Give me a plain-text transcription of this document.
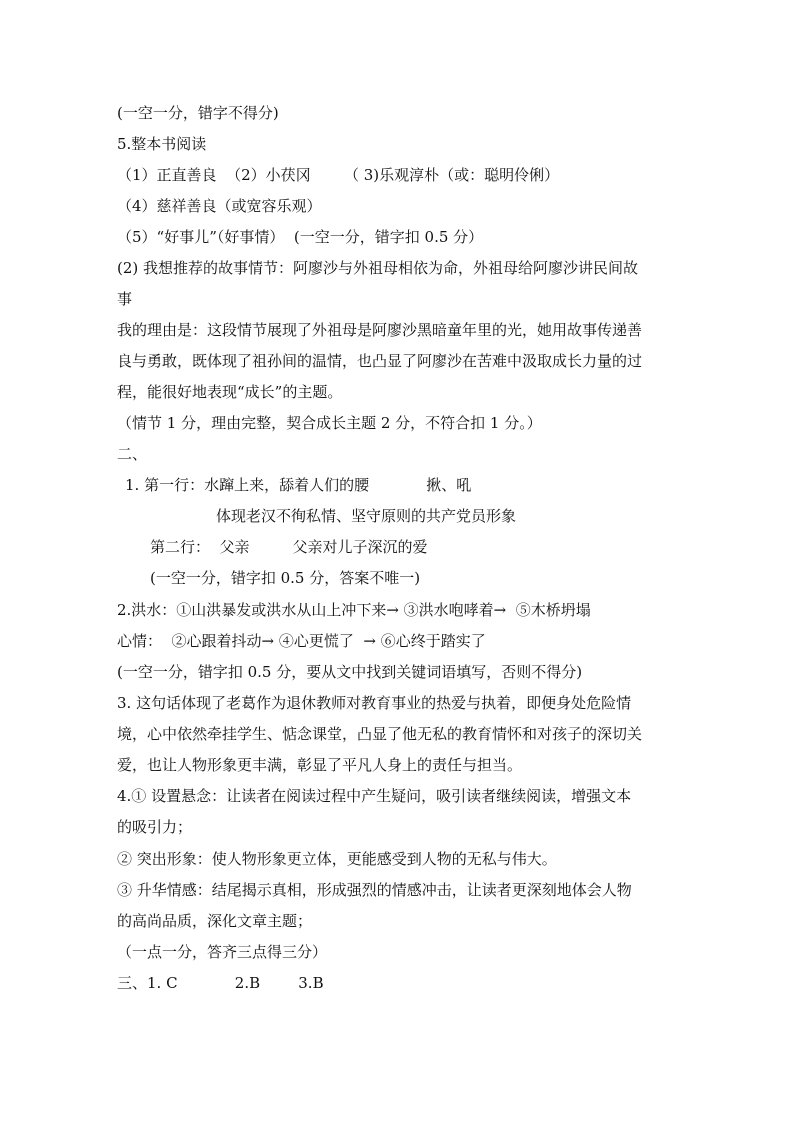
(一空一分，错字不得分)
5.整本书阅读
（1）正直善良  （2）小茯冈       （ 3)乐观淳朴（或：聪明伶俐）
（4）慈祥善良（或宽容乐观）
（5）“好事儿”（好事情）  (一空一分，错字扣 0.5 分）
(2) 我想推荐的故事情节：阿廖沙与外祖母相依为命，外祖母给阿廖沙讲民间故
事
我的理由是：这段情节展现了外祖母是阿廖沙黑暗童年里的光，她用故事传递善
良与勇敢，既体现了祖孙间的温情，也凸显了阿廖沙在苦难中汲取成长力量的过
程，能很好地表现“成长”的主题。
（情节 1 分，理由完整，契合成长主题 2 分，不符合扣 1 分。）
二、
1. 第一行：水蹿上来，舔着人们的腰            揪、吼
体现老汉不徇私情、坚守原则的共产党员形象
第二行：  父亲         父亲对儿子深沉的爱
(一空一分，错字扣 0.5 分，答案不唯一)
2.洪水：①山洪暴发或洪水从山上冲下来→ ③洪水咆哮着→  ⑤木桥坍塌
心情：  ②心跟着抖动→ ④心更慌了  → ⑥心终于踏实了
(一空一分，错字扣 0.5 分，要从文中找到关键词语填写，否则不得分)
3. 这句话体现了老葛作为退休教师对教育事业的热爱与执着，即便身处危险情
境，心中依然牵挂学生、惦念课堂，凸显了他无私的教育情怀和对孩子的深切关
爱，也让人物形象更丰满，彰显了平凡人身上的责任与担当。
4.① 设置悬念：让读者在阅读过程中产生疑问，吸引读者继续阅读，增强文本
的吸引力；
② 突出形象：使人物形象更立体，更能感受到人物的无私与伟大。
③ 升华情感：结尾揭示真相，形成强烈的情感冲击，让读者更深刻地体会人物
的高尚品质，深化文章主题；
（一点一分，答齐三点得三分）
三、1. C            2.B        3.B
